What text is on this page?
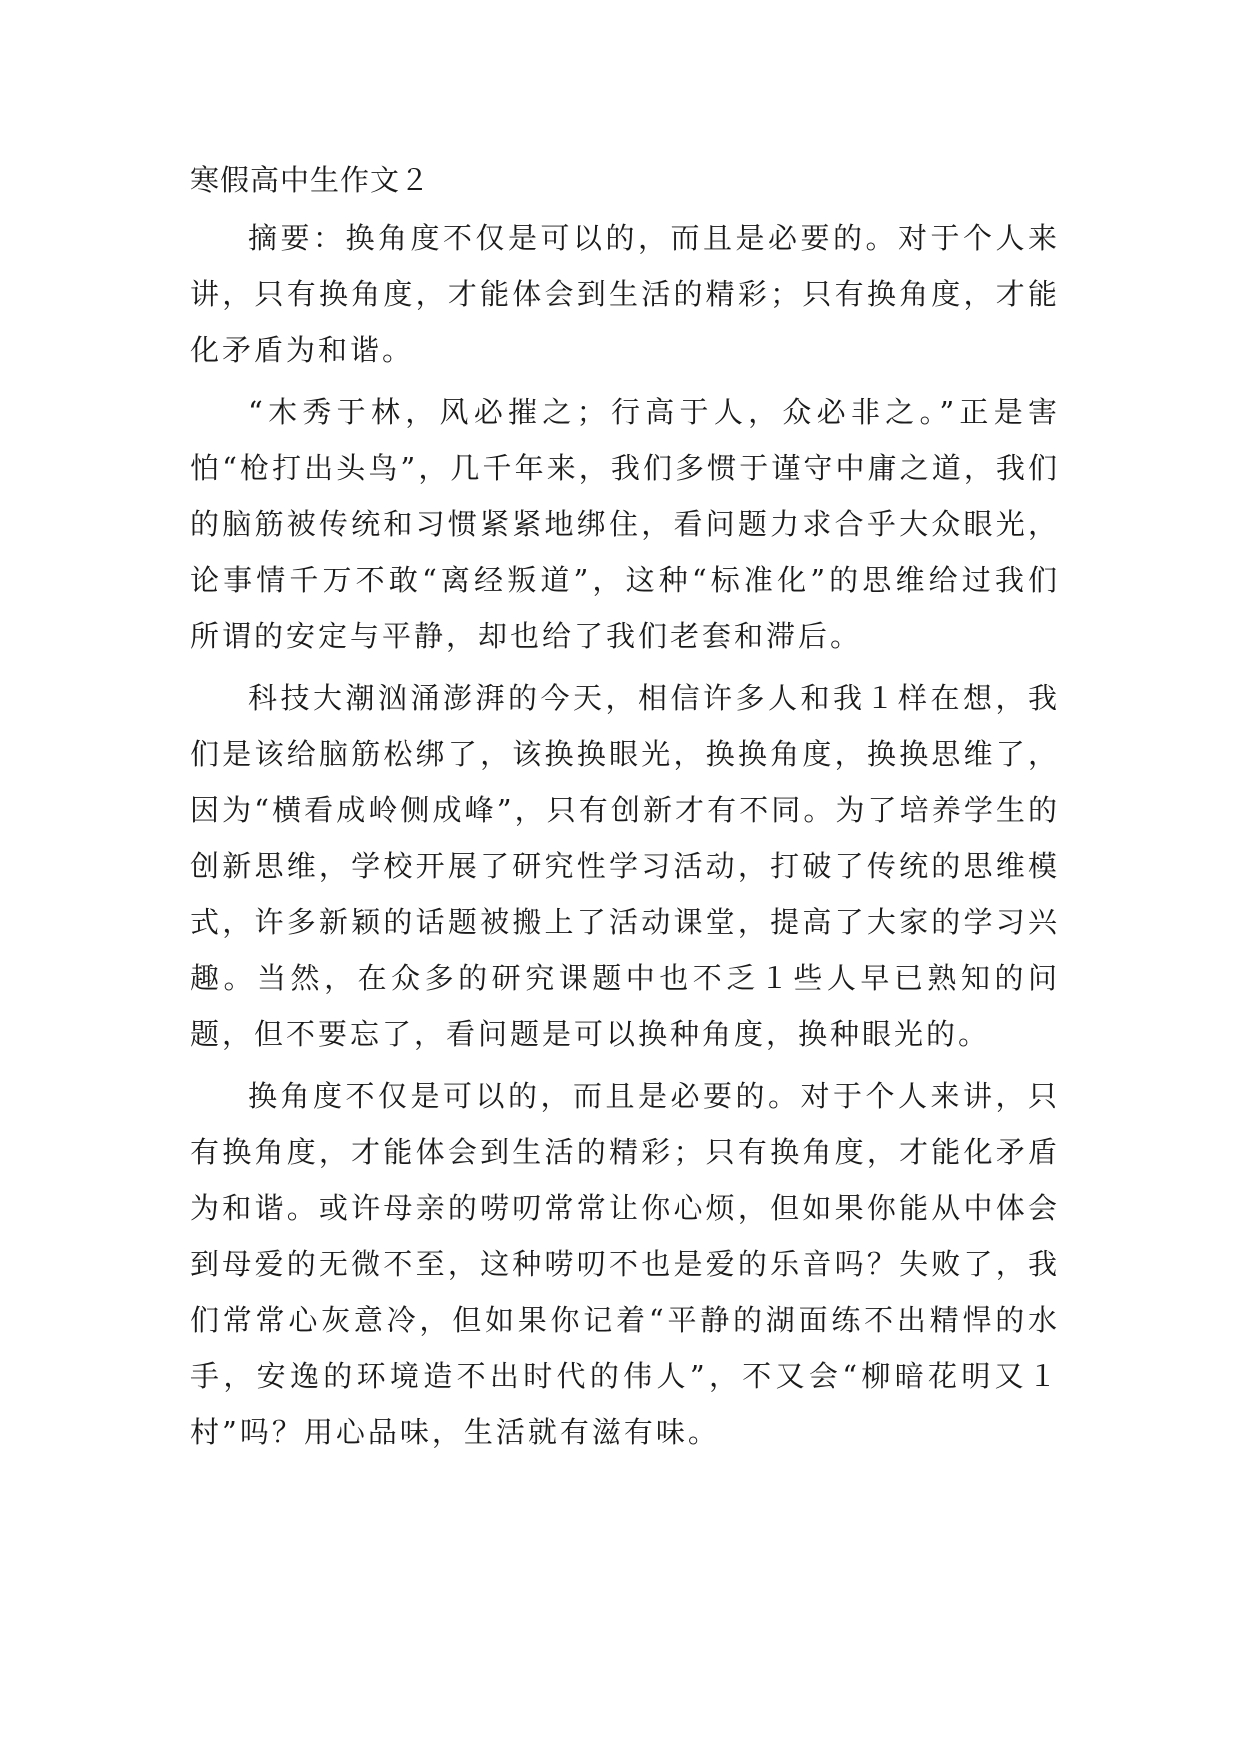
寒假高中生作文２

摘要：换角度不仅是可以的，而且是必要的。对于个人来讲，只有换角度，才能体会到生活的精彩；只有换角度，才能化矛盾为和谐。

“木秀于林，风必摧之；行高于人，众必非之。”正是害怕“枪打出头鸟”，几千年来，我们多惯于谨守中庸之道，我们的脑筋被传统和习惯紧紧地绑住，看问题力求合乎大众眼光，论事情千万不敢“离经叛道”，这种“标准化”的思维给过我们所谓的安定与平静，却也给了我们老套和滞后。

科技大潮汹涌澎湃的今天，相信许多人和我１样在想，我们是该给脑筋松绑了，该换换眼光，换换角度，换换思维了，因为“横看成岭侧成峰”，只有创新才有不同。为了培养学生的创新思维，学校开展了研究性学习活动，打破了传统的思维模式，许多新颖的话题被搬上了活动课堂，提高了大家的学习兴趣。当然，在众多的研究课题中也不乏１些人早已熟知的问题，但不要忘了，看问题是可以换种角度，换种眼光的。

换角度不仅是可以的，而且是必要的。对于个人来讲，只有换角度，才能体会到生活的精彩；只有换角度，才能化矛盾为和谐。或许母亲的唠叨常常让你心烦，但如果你能从中体会到母爱的无微不至，这种唠叨不也是爱的乐音吗？失败了，我们常常心灰意冷，但如果你记着“平静的湖面练不出精悍的水手，安逸的环境造不出时代的伟人”，不又会“柳暗花明又１村”吗？用心品味，生活就有滋有味。
